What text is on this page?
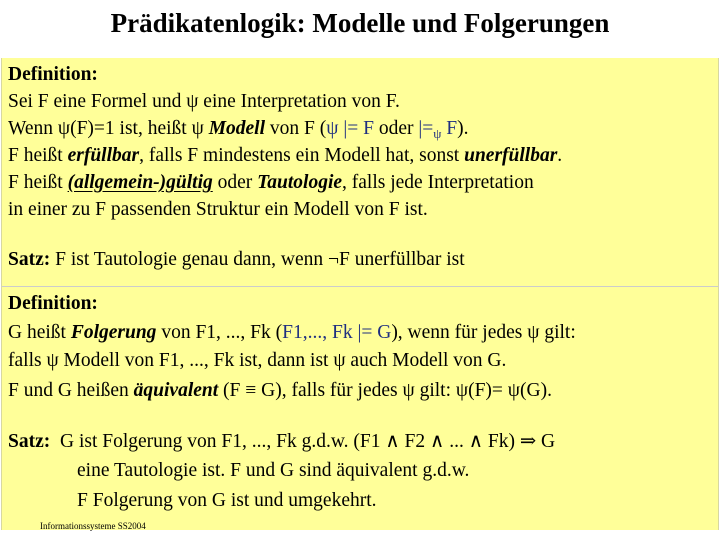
Prädikatenlogik: Modelle und Folgerungen
Definition:
Sei F eine Formel und ψ eine Interpretation von F.
Wenn ψ(F)=1 ist, heißt ψ Modell von F (ψ |= F oder $|=_\psi$ F).
F heißt erfüllbar, falls F mindestens ein Modell hat, sonst unerfüllbar.
F heißt (allgemein-)gültig oder Tautologie, falls jede Interpretation
in einer zu F passenden Struktur ein Modell von F ist.
Satz: F ist Tautologie genau dann, wenn ¬F unerfüllbar ist
Definition:
G heißt Folgerung von F1, ..., Fk (F1,..., Fk |= G), wenn für jedes ψ gilt:
falls ψ Modell von F1, ..., Fk ist, dann ist ψ auch Modell von G.
F und G heißen äquivalent (F ≡ G), falls für jedes ψ gilt: ψ(F)= ψ(G).
Satz:  G ist Folgerung von F1, ..., Fk g.d.w. (F1 ∧ F2 ∧ ... ∧ Fk) ⇒ G
eine Tautologie ist. F und G sind äquivalent g.d.w.
F Folgerung von G ist und umgekehrt.
Informationssysteme SS2004
